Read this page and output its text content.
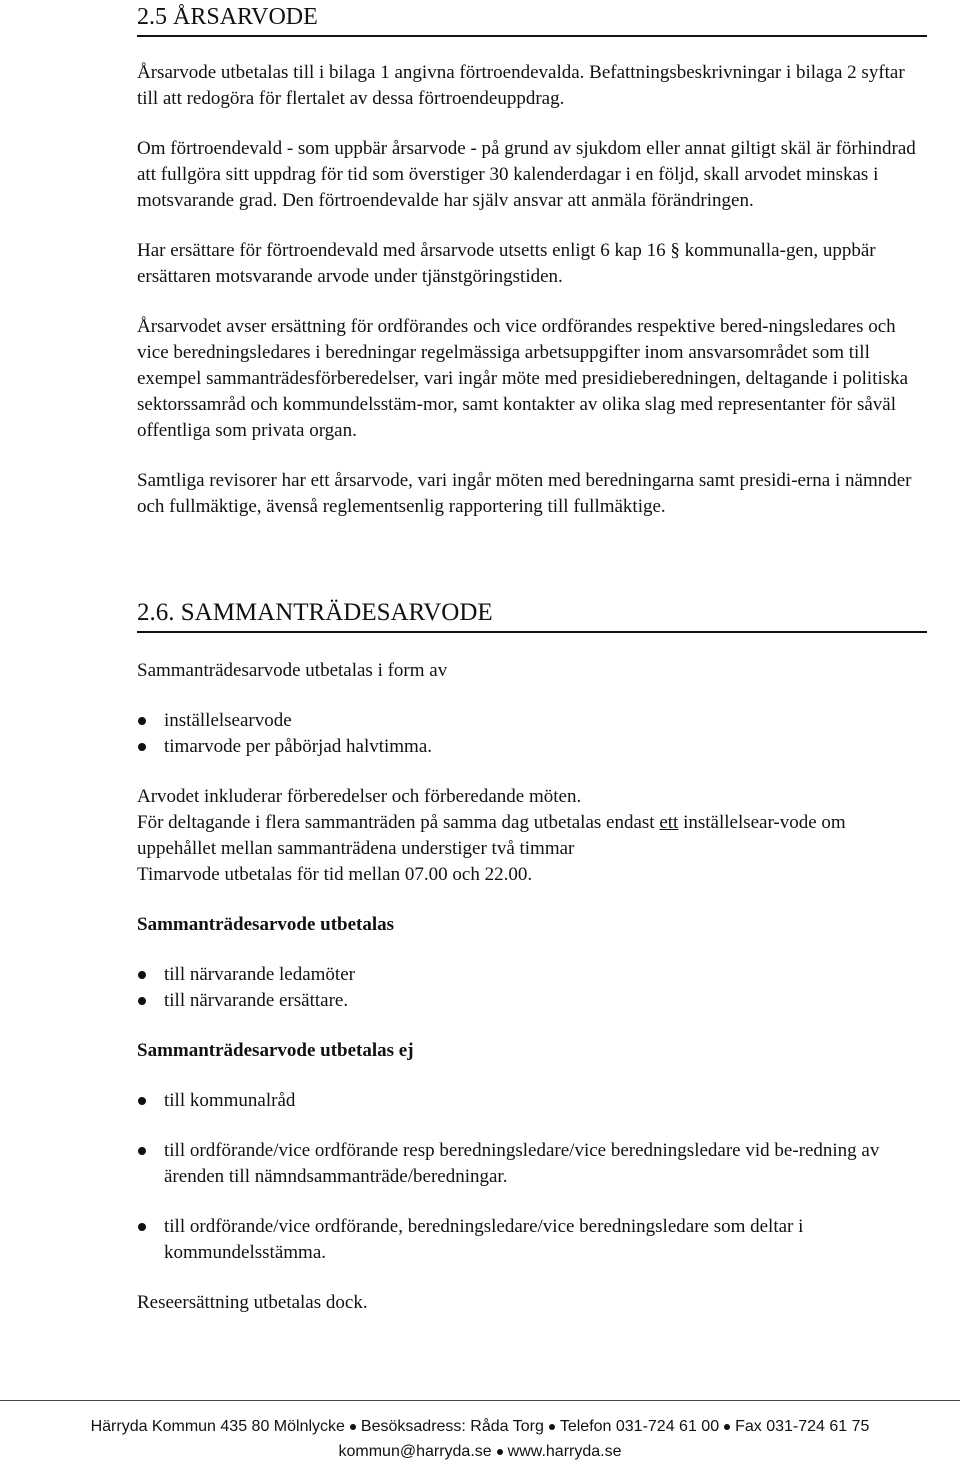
2.5 ÅRSARVODE

Årsarvode utbetalas till i bilaga 1 angivna förtroendevalda. Befattningsbeskrivningar i bilaga 2 syftar till att redogöra för flertalet av dessa förtroendeuppdrag.

Om förtroendevald - som uppbär årsarvode - på grund av sjukdom eller annat giltigt skäl är förhindrad att fullgöra sitt uppdrag för tid som överstiger 30 kalenderdagar i en följd, skall arvodet minskas i motsvarande grad. Den förtroendevalde har själv ansvar att anmäla förändringen.

Har ersättare för förtroendevald med årsarvode utsetts enligt 6 kap 16 § kommunalla-gen, uppbär ersättaren motsvarande arvode under tjänstgöringstiden.

Årsarvodet avser ersättning för ordförandes och vice ordförandes respektive bered-ningsledares och vice beredningsledares i beredningar regelmässiga arbetsuppgifter inom ansvarsområdet som till exempel sammanträdesförberedelser, vari ingår möte med presidieberedningen, deltagande i politiska sektorssamråd och kommundelsstäm-mor, samt kontakter av olika slag med representanter för såväl offentliga som privata organ.

Samtliga revisorer har ett årsarvode, vari ingår möten med beredningarna samt presidi-erna i nämnder och fullmäktige, ävenså reglementsenlig rapportering till fullmäktige.

2.6. SAMMANTRÄDESARVODE

Sammanträdesarvode utbetalas i form av

inställelsearvode
timarvode per påbörjad halvtimma.

Arvodet inkluderar förberedelser och förberedande möten.

För deltagande i flera sammanträden på samma dag utbetalas endast ett inställelsear-vode om uppehållet mellan sammanträdena understiger två timmar

Timarvode utbetalas för tid mellan 07.00 och 22.00.

Sammanträdesarvode utbetalas

till närvarande ledamöter
till närvarande ersättare.

Sammanträdesarvode utbetalas ej

till kommunalråd
till ordförande/vice ordförande resp beredningsledare/vice beredningsledare vid be-redning av ärenden till nämndsammanträde/beredningar.
till ordförande/vice ordförande, beredningsledare/vice beredningsledare som deltar i kommundelsstämma.

Reseersättning utbetalas dock.

Härryda Kommun 435 80 Mölnlycke Besöksadress: Råda Torg Telefon 031-724 61 00 Fax 031-724 61 75
kommun@harryda.se www.harryda.se
